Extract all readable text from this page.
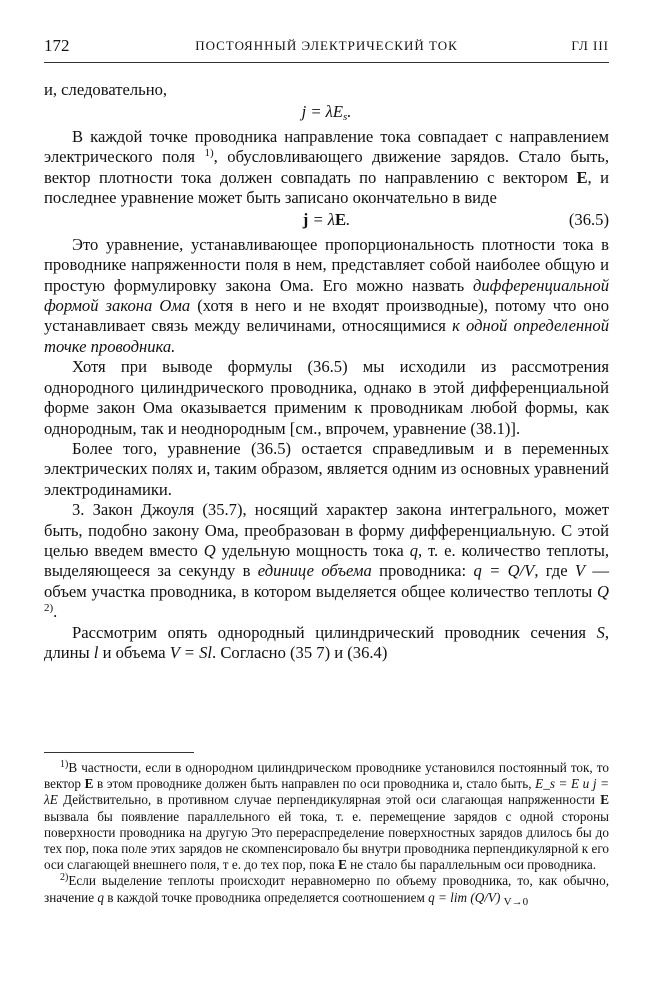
172	ПОСТОЯННЫЙ ЭЛЕКТРИЧЕСКИЙ ТОК	ГЛ III

и, следовательно,

$j = \lambda E_s$.

В каждой точке проводника направление тока совпадает с направлением электрического поля $^{1)}$, обусловливающего движение зарядов. Стало быть, вектор плотности тока должен совпадать по направлению с вектором E, и последнее уравнение может быть записано окончательно в виде

j = λE.	(36.5)

Это уравнение, устанавливающее пропорциональность плотности тока в проводнике напряженности поля в нем, представляет собой наиболее общую и простую формулировку закона Ома. Его можно назвать дифференциальной формой закона Ома (хотя в него и не входят производные), потому что оно устанавливает связь между величинами, относящимися к одной определенной точке проводника.

Хотя при выводе формулы (36.5) мы исходили из рассмотрения однородного цилиндрического проводника, однако в этой дифференциальной форме закон Ома оказывается применим к проводникам любой формы, как однородным, так и неоднородным [см., впрочем, уравнение (38.1)].

Более того, уравнение (36.5) остается справедливым и в переменных электрических полях и, таким образом, является одним из основных уравнений электродинамики.

3. Закон Джоуля (35.7), носящий характер закона интегрального, может быть, подобно закону Ома, преобразован в форму дифференциальную. С этой целью введем вместо Q удельную мощность тока q, т. е. количество теплоты, выделяющееся за секунду в единице объема проводника: q = Q/V, где V — объем участка проводника, в котором выделяется общее количество теплоты Q $^{2)}$.

Рассмотрим опять однородный цилиндрический проводник сечения S, длины l и объема V = Sl. Согласно (35 7) и (36.4)

$^{1)}$В частности, если в однородном цилиндрическом проводнике установился постоянный ток, то вектор E в этом проводнике должен быть направлен по оси проводника и, стало быть, E_s = E и j = λE Действительно, в противном случае перпендикулярная этой оси слагающая напряженности E вызвала бы появление параллельного ей тока, т. е. перемещение зарядов с одной стороны поверхности проводника на другую Это перераспределение поверхностных зарядов длилось бы до тех пор, пока поле этих зарядов не скомпенсировало бы внутри проводника перпендикулярной к его оси слагающей внешнего поля, т е. до тех пор, пока E не стало бы параллельным оси проводника.

$^{2)}$Если выделение теплоты происходит неравномерно по объему проводника, то, как обычно, значение q в каждой точке проводника определяется соотношением q = lim (Q/V) $_{V\to 0}$
